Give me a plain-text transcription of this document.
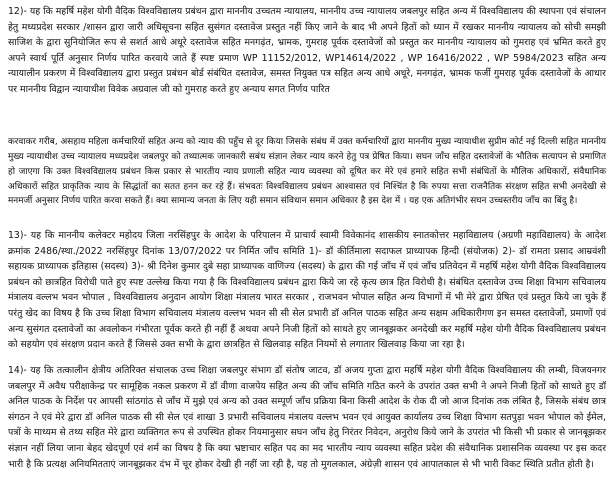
12)- यह कि महर्षि महेश योगी वैदिक विश्वविद्यालय प्रबंधन द्वारा माननीय उच्चतम न्यायालय, माननीय उच्च न्यायालय जबलपुर सहित अन्य में विश्वविद्यालय की स्थापना एवं संचालन हेतु मध्यप्रदेश सरकार /शासन द्वारा जारी अधिसूचना सहित सुसंगत दस्तावेज प्रस्तुत नहीं किए जाने के बाद भी अपने हितों को ध्यान में रखकर माननीय न्यायालय को सोची समझी साजिश के द्वारा सुनियोजित रूप से सशर्त आधे अधूरे दस्तावेज सहित मनगढ़ंत, भ्रामक, गुमराह पूर्वक दस्तावेजों को प्रस्तुत कर माननीय न्यायालय को गुमराह एवं भ्रमित करते हुए अपने स्वार्थ पूर्ति अनुसार निर्णय पारित करवाये जाते हैं स्पष्ट प्रमाण WP 11152/2012, WP14614/2022 , WP 16416/2022 , WP 5984/2023 सहित अन्य न्यायालीन प्रकरण में विश्वविद्यालय द्वारा प्रस्तुत प्रबंधन बोर्ड संबंधित दस्तावेज, समस्त नियुक्त पत्र सहित अन्य आधे अधूरे, मनगढ़ंत, भ्रामक फर्जी गुमराह पूर्वक दस्तावेजों के आधार पर माननीय विद्वान न्यायाधीश विवेक अग्रवाल जी को गुमराह करते हुए अन्याय सगत निर्णय पारित

करवाकर गरीब, असहाय महिला कर्मचारियों सहित अन्य को न्याय की पहुँच से दूर किया जिसके संबंध में उक्त कर्मचारियों द्वारा माननीय मुख्य न्यायाधीश सुप्रीम कोर्ट नई दिल्ली सहित माननीय मुख्य न्यायाधीश उच्च न्यायालय मध्यप्रदेश जबलपुर को तथ्यात्मक जानकारी सबंध संज्ञान लेकर न्याय करने हेतु पत्र प्रेषित किया। सघन जाँच सहित दस्तावेजों के भौतिक सत्यापन से प्रमाणित हो जाएगा कि उक्त विश्वविद्यालय प्रबंधन किस प्रकार से भारतीय न्याय प्रणाली सहित न्याय व्यवस्था को दूषित कर मेरे एवं हमारे सहित सभी संबंधितों के मौलिक अधिकारों, संवैधानिक अधिकारों सहित प्राकृतिक न्याय के सिद्धांतों का सतत हनन कर रहे हैं। संभवतः विश्वविद्यालय प्रबंधन आश्वासत एवं निश्चिंत है कि रुपया सत्ता राजनैतिक संरक्षण सहित सभी अनदेखी से मनमर्जी अनुसार निर्णय पारित करवा सकते हैं। क्या सामान्य जनता के लिए यही समान संविधान समान अधिकार है इस देश में । यह एक अतिगंभीर सघन उच्चस्तरीय जाँच का बिंदु है।

13)- यह कि माननीय कलेक्टर महोदय जिला नरसिंहपुर के आदेश के परिपालन में प्राचार्य स्वामी विवेकानंद शासकीय स्नातकोत्तर महाविद्यालय (अग्रणी महाविद्यालय) के आदेश क्रमांक 2486/स्था./2022 नरसिंहपुर दिनांक 13/07/2022 पर निर्मित जाँच समिति 1)- डॉ कीर्तिमाला सदाफल प्राध्यापक हिन्दी (संयोजक) 2)- डॉ रामता प्रसाद आम्रवंशी सहायक प्राध्यापक इतिहास (सदस्य) 3)- श्री दिनेश कुमार दुबे सहा प्राध्यापक वाणिज्य (सदस्य) के द्वारा की गई जाँच में एवं जाँच प्रतिवेदन में महर्षि महेश योगी वैदिक विश्वविद्यालय प्रबंधन को छात्रहित विरोधी पाते हुए स्पष्ट उल्लेख किया गया है कि विश्वविद्यालय प्रबंधन द्वारा किये जा रहे कृत्य छात्र हित विरोधी है। संबंधित दस्तावेज उच्च शिक्षा विभाग सचिवालय मंत्रालय वल्लभ भवन भोपाल , विश्वविद्यालय अनुदान आयोग शिक्षा मंत्रालय भारत सरकार , राजभवन भोपाल सहित अन्य विभागों में भी मेरे द्वारा प्रेषित एवं प्रस्तुत किये जा चुके हैं परंतु खेद का विषय है कि उच्च शिक्षा विभाग सचिवालय मंत्रालय वल्लभ भवन सी सी सेल प्रभारी डॉ अनिल पाठक सहित अन्य सक्षम अधिकारीगण इन समस्त दस्तावेजों, प्रमाणों एवं अन्य सुसंगत दस्तावेजों का अवलोकन गंभीरता पूर्वक करते ही नहीं हैं अथवा अपने निजी हितों को साधते हुए जानबूझकर अनदेखी कर महर्षि महेश योगी वैदिक विश्वविद्यालय प्रबंधन को सहयोग एवं संरक्षण प्रदान करते हैं जिससे उक्त सभी के द्वारा छात्रहित से खिलवाड़ सहित नियमों से लगातार खिलवाड़ किया जा रहा है।

14)- यह कि तत्कालीन क्षेत्रीय अतिरिक्त संचालक उच्च शिक्षा जबलपुर संभाग डॉ संतोष जाटव, डॉ अजय गुप्ता द्वारा महर्षि महेश योगी वैदिक विश्वविद्यालय की लम्बी, विजयनगर जबलपुर में अवैध परीक्षाकेन्द्र पर सामूहिक नकल प्रकरण में डॉ वीणा वाजपेय सहित अन्य की जाँच समिति गठित करने के उपरांत उक्त सभी ने अपने निजी हितों को साधते हुए डॉ अनिल पाठक के निर्देश पर आपसी सांठगांठ से जाँच में मुझे एवं अन्य को उक्त सम्पूर्ण जाँच प्रक्रिया बिना किसी आदेश के रोक दी जो आज दिनांक तक लंबित है, जिसके संबंध छात्र संगठन ने एवं मेरे द्वारा डॉ अनिल पाठक सी सी सेल एवं शाखा 3 प्रभारी सचिवालय मंत्रालय वल्लभ भवन एवं आयुक्त कार्यालय उच्च शिक्षा विभाग सतपुड़ा भवन भोपाल को ईमेल, पत्रों के माध्यम से तथ्य सहित मेरे द्वारा व्यक्तिगत रूप से उपस्थित होकर नियमानुसार सघन जाँच हेतु निरंतर निवेदन, अनुरोध किये जाने के उपरांत भी किसी भी प्रकार से जानबूझकर संज्ञान नहीं लिया जाना बेहद खेदपूर्ण एवं शर्म का विषय है कि क्या भ्रष्टाचार सहित पद का मद भारतीय न्याय व्यवस्था सहित प्रदेश की संवैधानिक प्रशासनिक व्यवस्था पर इस कदर भारी है कि प्रत्यक्ष अनियमितताएं जानबूझकर दंभ में चूर होकर देखी ही नहीं जा रही है, यह तो मुगलकाल, अंग्रेज़ी शासन एवं आपातकाल से भी भारी विकट स्थिति प्रतीत होती है।
